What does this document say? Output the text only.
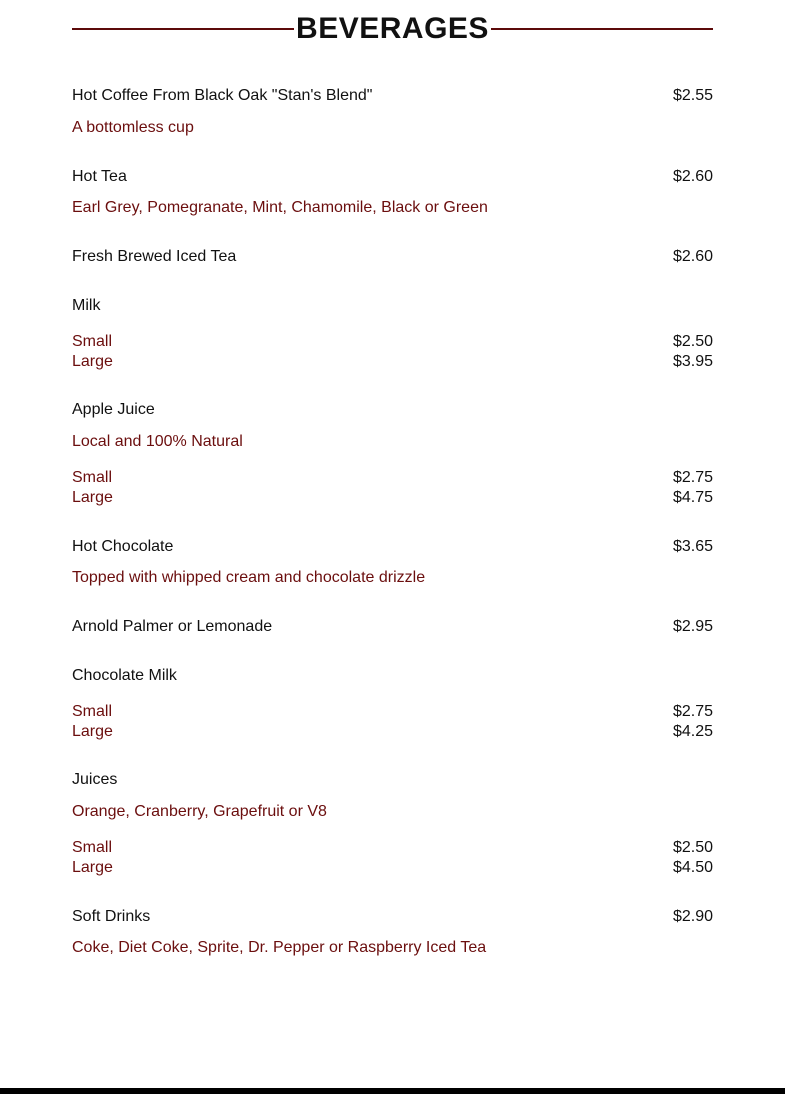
BEVERAGES
Hot Coffee From Black Oak "Stan's Blend"	$2.55
A bottomless cup
Hot Tea	$2.60
Earl Grey, Pomegranate, Mint, Chamomile, Black or Green
Fresh Brewed Iced Tea	$2.60
Milk
Small	$2.50
Large	$3.95
Apple Juice
Local and 100% Natural
Small	$2.75
Large	$4.75
Hot Chocolate	$3.65
Topped with whipped cream and chocolate drizzle
Arnold Palmer or Lemonade	$2.95
Chocolate Milk
Small	$2.75
Large	$4.25
Juices
Orange, Cranberry, Grapefruit or V8
Small	$2.50
Large	$4.50
Soft Drinks	$2.90
Coke, Diet Coke, Sprite, Dr. Pepper or Raspberry Iced Tea
